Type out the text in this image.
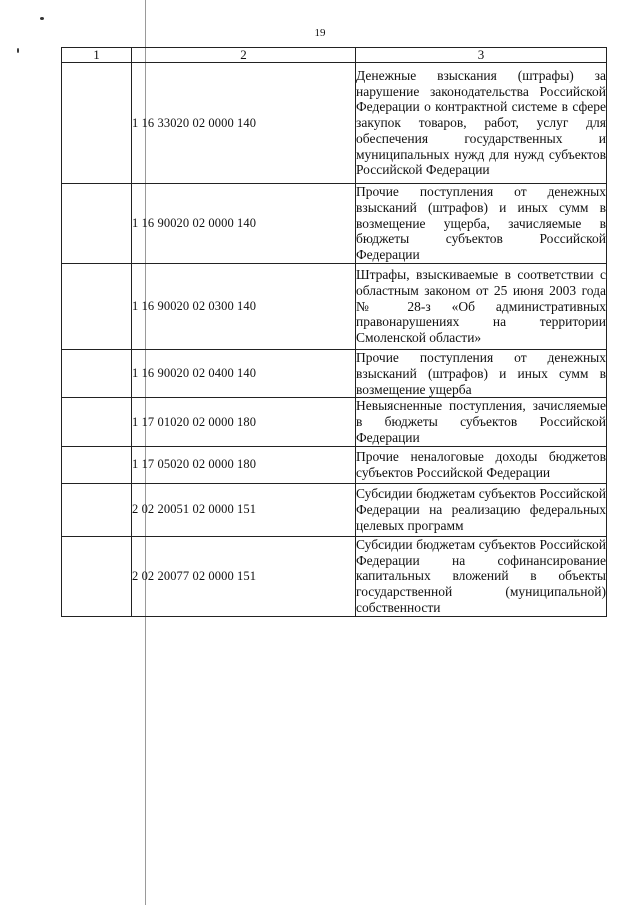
19
1	2	3
	1 16 33020 02 0000 140	Денежные взыскания (штрафы) за нарушение законодательства Российской Федерации о контрактной системе в сфере закупок товаров, работ, услуг для обеспечения государственных и муниципальных нужд для нужд субъектов Российской Федерации

	1 16 90020 02 0000 140	Прочие поступления от денежных взысканий (штрафов) и иных сумм в возмещение ущерба, зачисляемые в бюджеты субъектов Российской Федерации

	1 16 90020 02 0300 140	Штрафы, взыскиваемые в соответствии с областным законом от 25 июня 2003 года № 28-з «Об административных правонарушениях на территории Смоленской области»

	1 16 90020 02 0400 140	Прочие поступления от денежных взысканий (штрафов) и иных сумм в возмещение ущерба

	1 17 01020 02 0000 180	Невыясненные поступления, зачисляемые в бюджеты субъектов Российской Федерации

	1 17 05020 02 0000 180	Прочие неналоговые доходы бюджетов субъектов Российской Федерации

	2 02 20051 02 0000 151	Субсидии бюджетам субъектов Российской Федерации на реализацию федеральных целевых программ

	2 02 20077 02 0000 151	Субсидии бюджетам субъектов Российской Федерации на софинансирование капитальных вложений в объекты государственной (муниципальной) собственности
